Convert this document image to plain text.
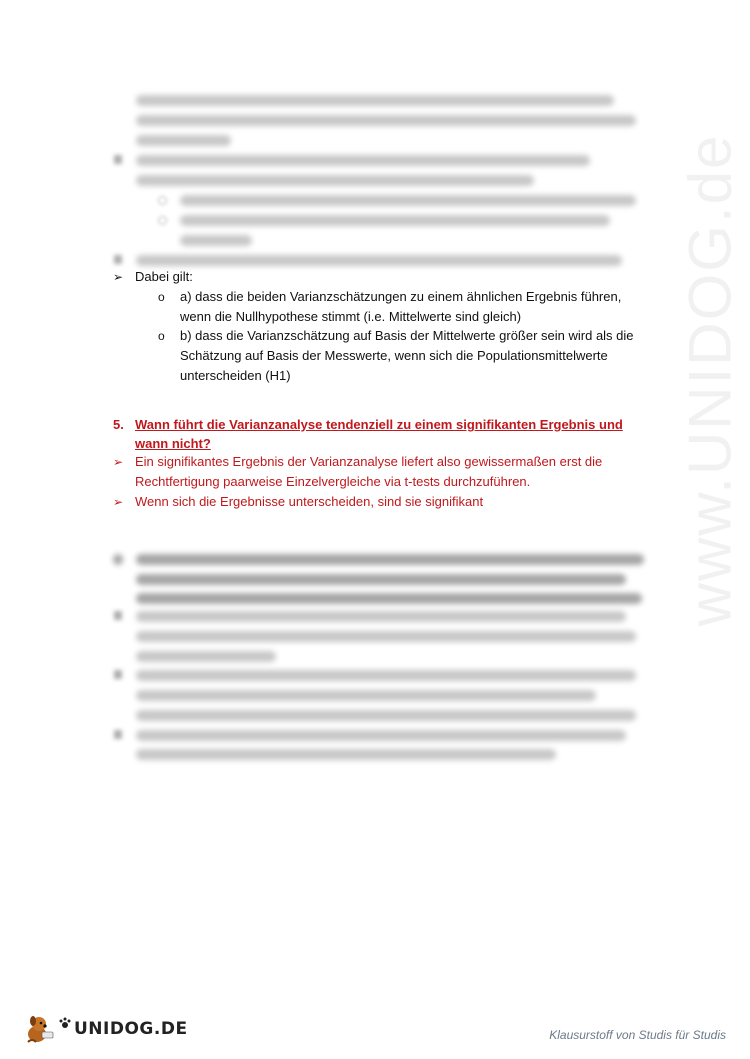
www.UNIDOG.de
➢ Dabei gilt:
o a) dass die beiden Varianzschätzungen zu einem ähnlichen Ergebnis führen,
wenn die Nullhypothese stimmt (i.e. Mittelwerte sind gleich)
o b) dass die Varianzschätzung auf Basis der Mittelwerte größer sein wird als die
Schätzung auf Basis der Messwerte, wenn sich die Populationsmittelwerte
unterscheiden (H1)
5. Wann führt die Varianzanalyse tendenziell zu einem signifikanten Ergebnis und
wann nicht?
➢ Ein signifikantes Ergebnis der Varianzanalyse liefert also gewissermaßen erst die
Rechtfertigung paarweise Einzelvergleiche via t-tests durchzuführen.
➢ Wenn sich die Ergebnisse unterscheiden, sind sie signifikant
UNIDOG.DE	Klausurstoff von Studis für Studis
